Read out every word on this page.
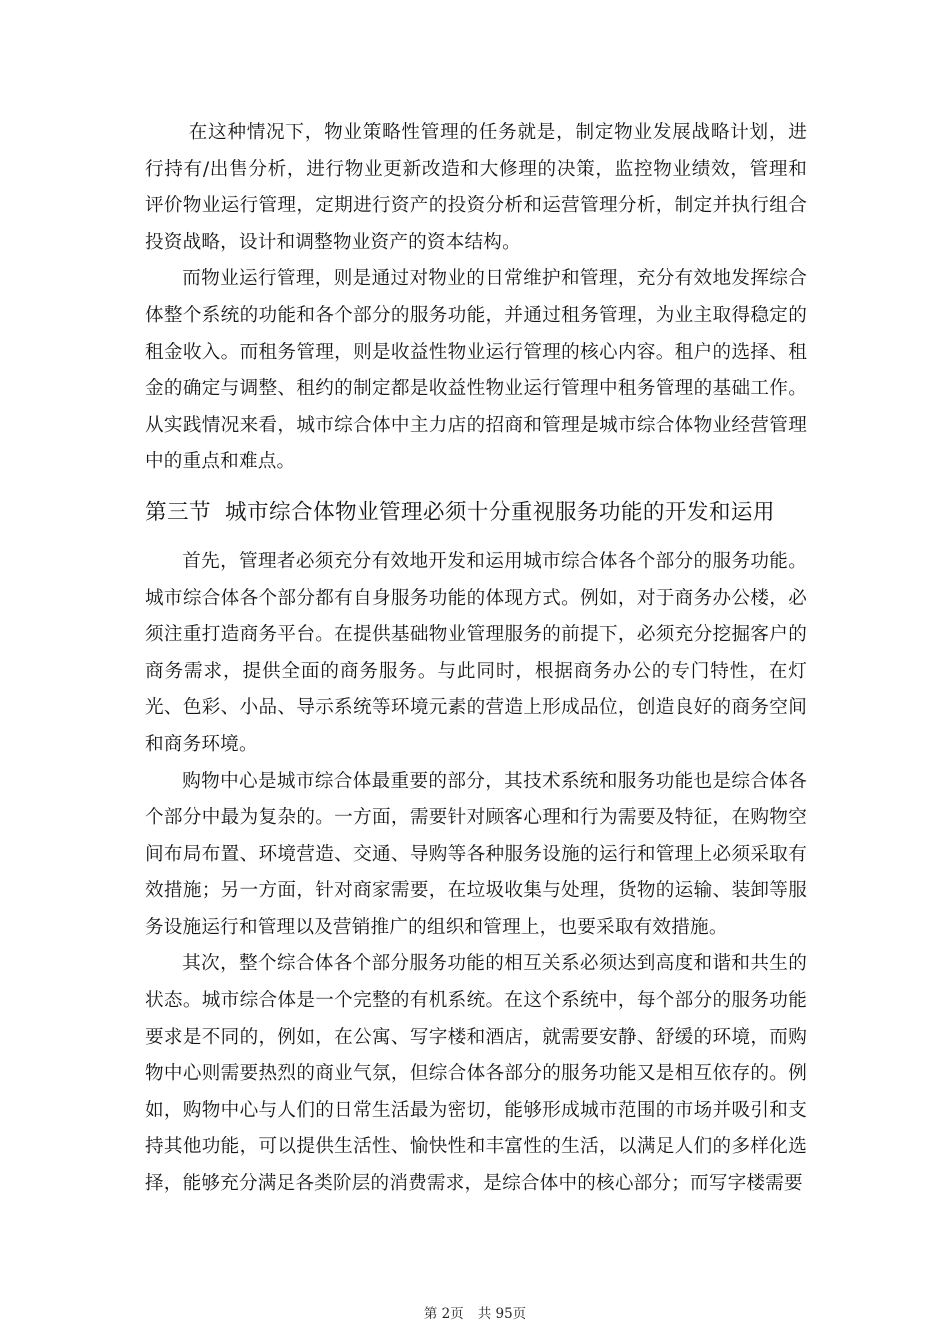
在这种情况下，物业策略性管理的任务就是，制定物业发展战略计划，进行持有/出售分析，进行物业更新改造和大修理的决策，监控物业绩效，管理和评价物业运行管理，定期进行资产的投资分析和运营管理分析，制定并执行组合投资战略，设计和调整物业资产的资本结构。

而物业运行管理，则是通过对物业的日常维护和管理，充分有效地发挥综合体整个系统的功能和各个部分的服务功能，并通过租务管理，为业主取得稳定的租金收入。而租务管理，则是收益性物业运行管理的核心内容。租户的选择、租金的确定与调整、租约的制定都是收益性物业运行管理中租务管理的基础工作。从实践情况来看，城市综合体中主力店的招商和管理是城市综合体物业经营管理中的重点和难点。

第三节 城市综合体物业管理必须十分重视服务功能的开发和运用

首先，管理者必须充分有效地开发和运用城市综合体各个部分的服务功能。城市综合体各个部分都有自身服务功能的体现方式。例如，对于商务办公楼，必须注重打造商务平台。在提供基础物业管理服务的前提下，必须充分挖掘客户的商务需求，提供全面的商务服务。与此同时，根据商务办公的专门特性，在灯光、色彩、小品、导示系统等环境元素的营造上形成品位，创造良好的商务空间和商务环境。

购物中心是城市综合体最重要的部分，其技术系统和服务功能也是综合体各个部分中最为复杂的。一方面，需要针对顾客心理和行为需要及特征，在购物空间布局布置、环境营造、交通、导购等各种服务设施的运行和管理上必须采取有效措施；另一方面，针对商家需要，在垃圾收集与处理，货物的运输、装卸等服务设施运行和管理以及营销推广的组织和管理上，也要采取有效措施。

其次，整个综合体各个部分服务功能的相互关系必须达到高度和谐和共生的状态。城市综合体是一个完整的有机系统。在这个系统中，每个部分的服务功能要求是不同的，例如，在公寓、写字楼和酒店，就需要安静、舒缓的环境，而购物中心则需要热烈的商业气氛，但综合体各部分的服务功能又是相互依存的。例如，购物中心与人们的日常生活最为密切，能够形成城市范围的市场并吸引和支持其他功能，可以提供生活性、愉快性和丰富性的生活，以满足人们的多样化选择，能够充分满足各类阶层的消费需求，是综合体中的核心部分；而写字楼需要

第 2页 共 95页
